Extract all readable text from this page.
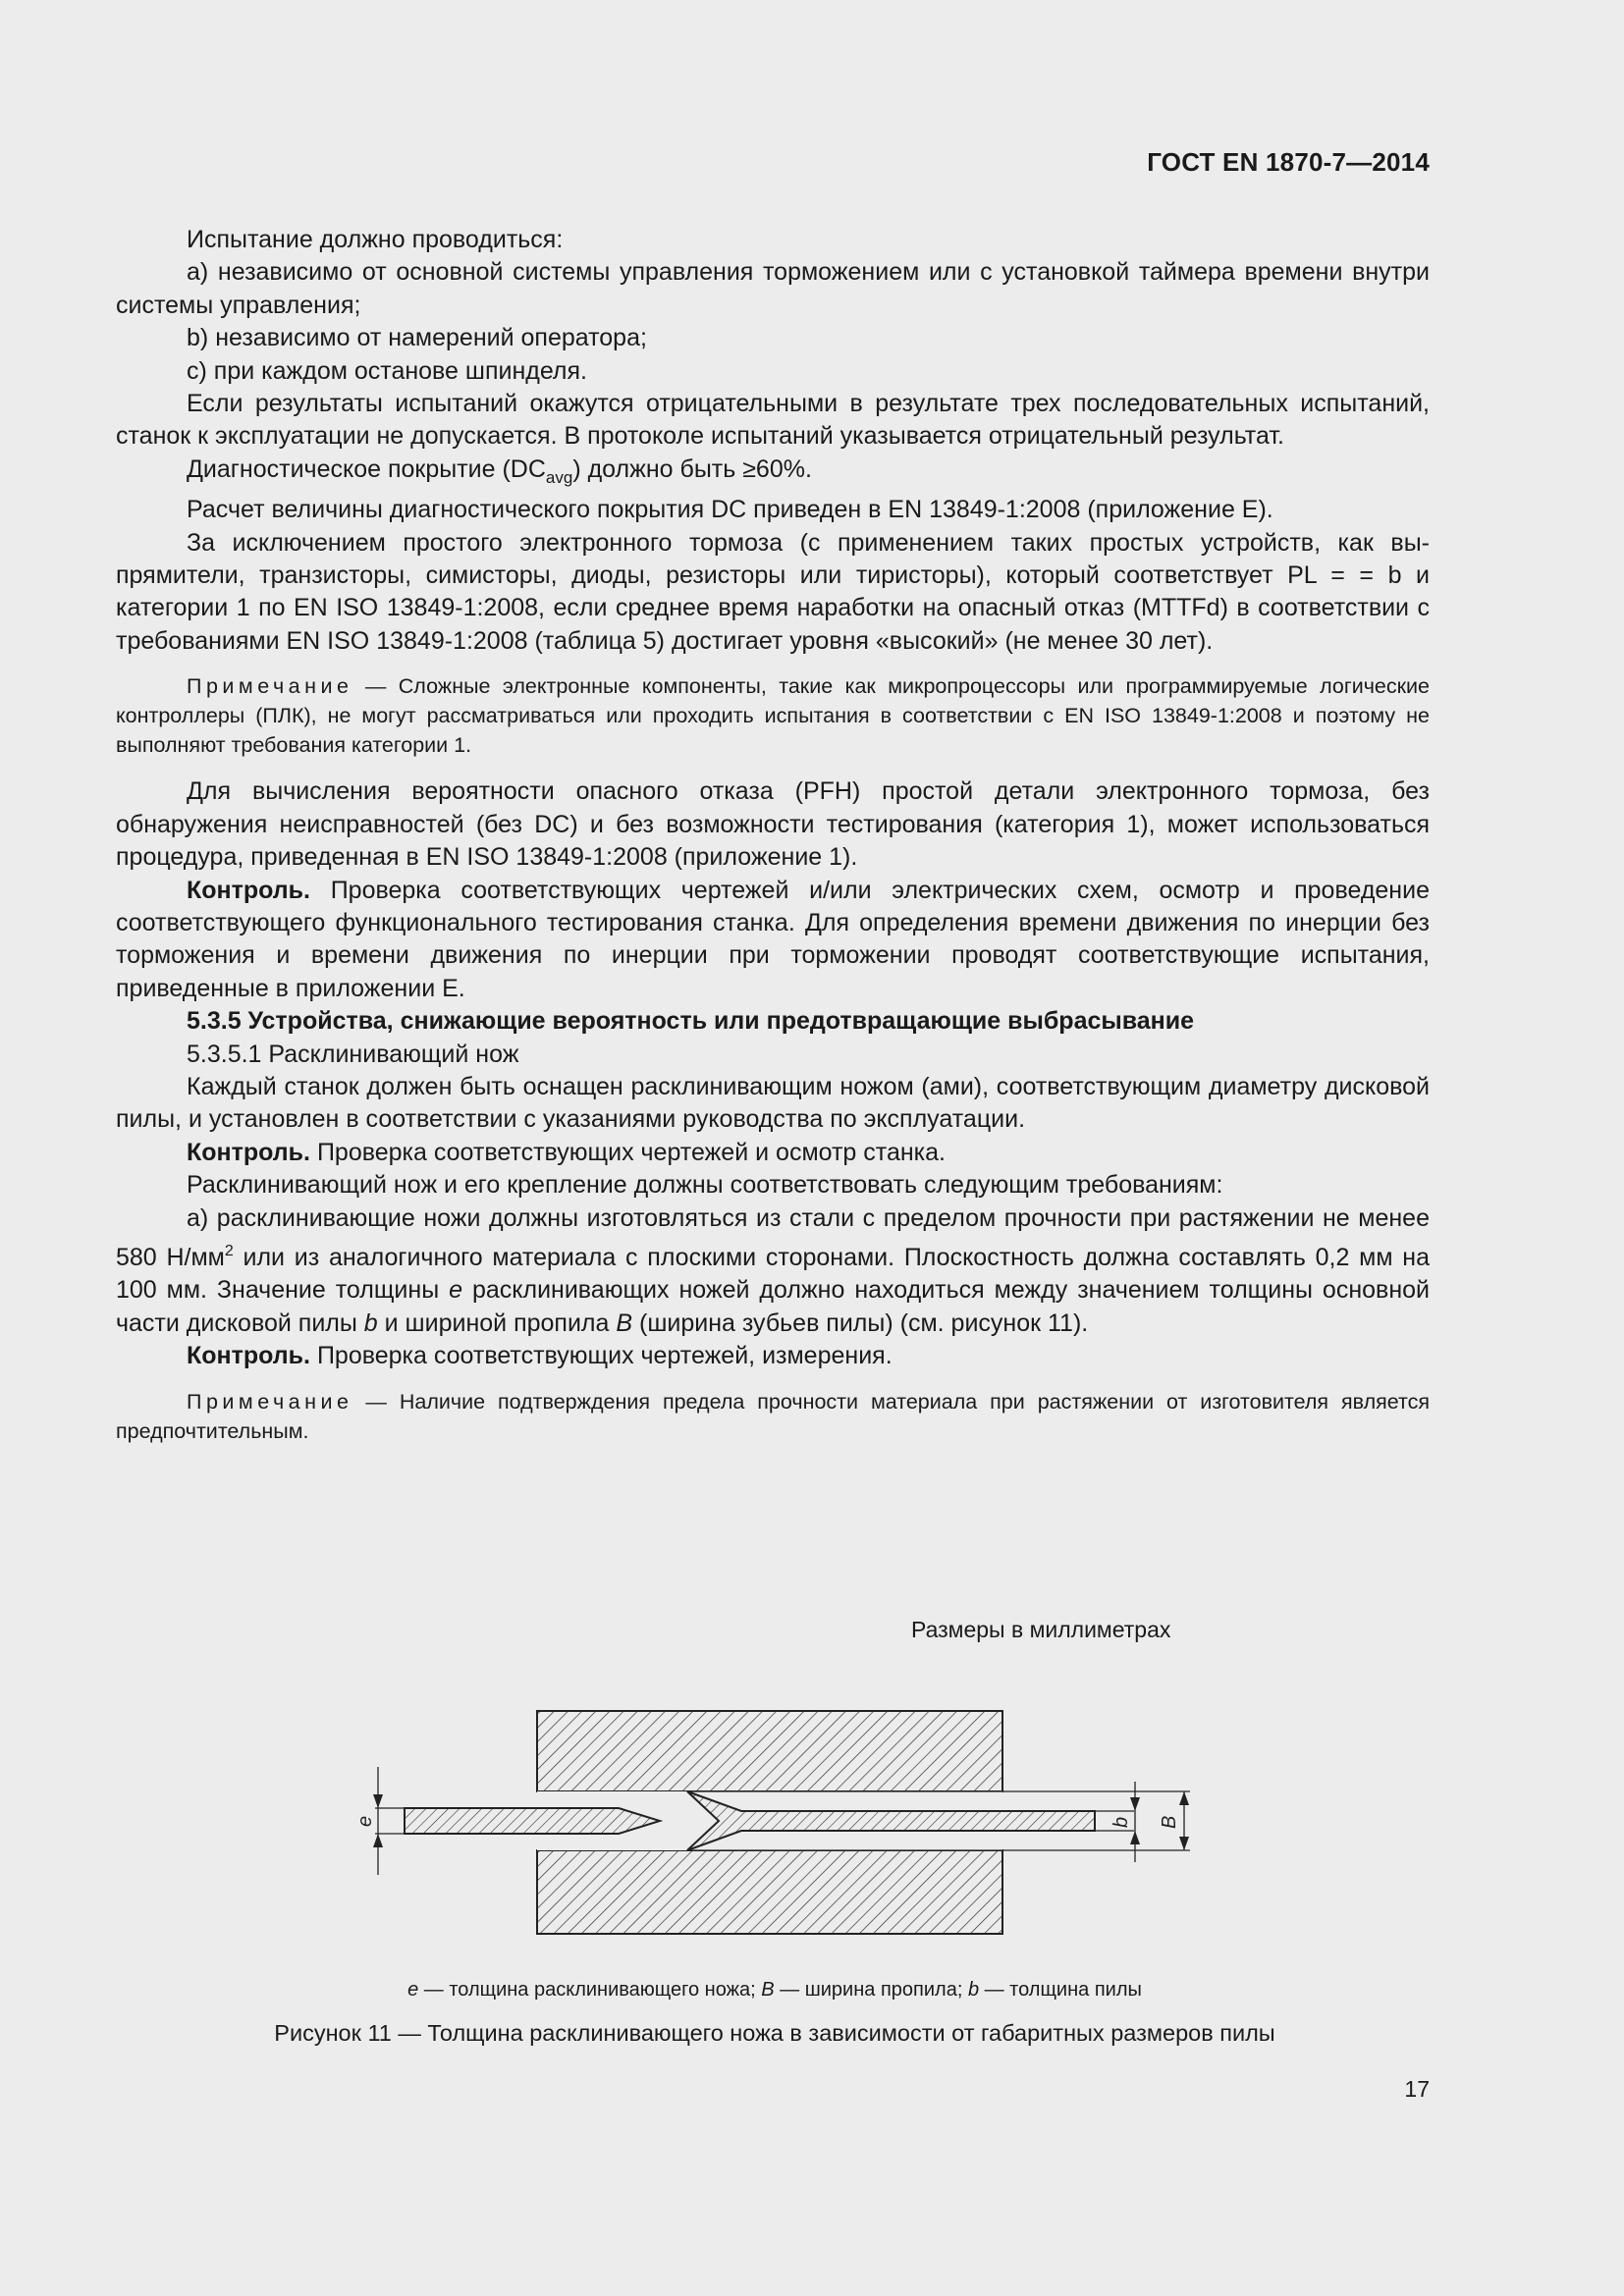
ГОСТ EN 1870-7—2014

Испытание должно проводиться:

а) независимо от основной системы управления торможением или с установкой таймера времени внутри системы управления;

b) независимо от намерений оператора;

с) при каждом останове шпинделя.

Если результаты испытаний окажутся отрицательными в результате трех последовательных испытаний, станок к эксплуатации не допускается. В протоколе испытаний указывается отрицательный результат.

Диагностическое покрытие $(DC_{avg})$ должно быть ≥60%.

Расчет величины диагностического покрытия DC приведен в EN 13849-1:2008 (приложение Е).

За исключением простого электронного тормоза (с применением таких простых устройств, как выпрямители, транзисторы, симисторы, диоды, резисторы или тиристоры), который соответствует PL = = b и категории 1 по EN ISO 13849-1:2008, если среднее время наработки на опасный отказ (MTTFd) в соответствии с требованиями EN ISO 13849-1:2008 (таблица 5) достигает уровня «высокий» (не менее 30 лет).

Примечание — Сложные электронные компоненты, такие как микропроцессоры или программируемые логические контроллеры (ПЛК), не могут рассматриваться или проходить испытания в соответствии с EN ISO 13849-1:2008 и поэтому не выполняют требования категории 1.

Для вычисления вероятности опасного отказа (PFH) простой детали электронного тормоза, без обнаружения неисправностей (без DC) и без возможности тестирования (категория 1), может использоваться процедура, приведенная в EN ISO 13849-1:2008 (приложение 1).

Контроль. Проверка соответствующих чертежей и/или электрических схем, осмотр и проведение соответствующего функционального тестирования станка. Для определения времени движения по инерции без торможения и времени движения по инерции при торможении проводят соответствующие испытания, приведенные в приложении Е.

5.3.5 Устройства, снижающие вероятность или предотвращающие выбрасывание

5.3.5.1 Расклинивающий нож

Каждый станок должен быть оснащен расклинивающим ножом (ами), соответствующим диаметру дисковой пилы, и установлен в соответствии с указаниями руководства по эксплуатации.

Контроль. Проверка соответствующих чертежей и осмотр станка.

Расклинивающий нож и его крепление должны соответствовать следующим требованиям:

а) расклинивающие ножи должны изготовляться из стали с пределом прочности при растяжении не менее 580 $Н/мм^2$ или из аналогичного материала с плоскими сторонами. Плоскостность должна составлять 0,2 мм на 100 мм. Значение толщины е расклинивающих ножей должно находиться между значением толщины основной части дисковой пилы b и шириной пропила В (ширина зубьев пилы) (см. рисунок 11).

Контроль. Проверка соответствующих чертежей, измерения.

Примечание — Наличие подтверждения предела прочности материала при растяжении от изготовителя является предпочтительным.

Размеры в миллиметрах
e	b B
е — толщина расклинивающего ножа; В — ширина пропила; b — толщина пилы
Рисунок 11 — Толщина расклинивающего ножа в зависимости от габаритных размеров пилы
17
